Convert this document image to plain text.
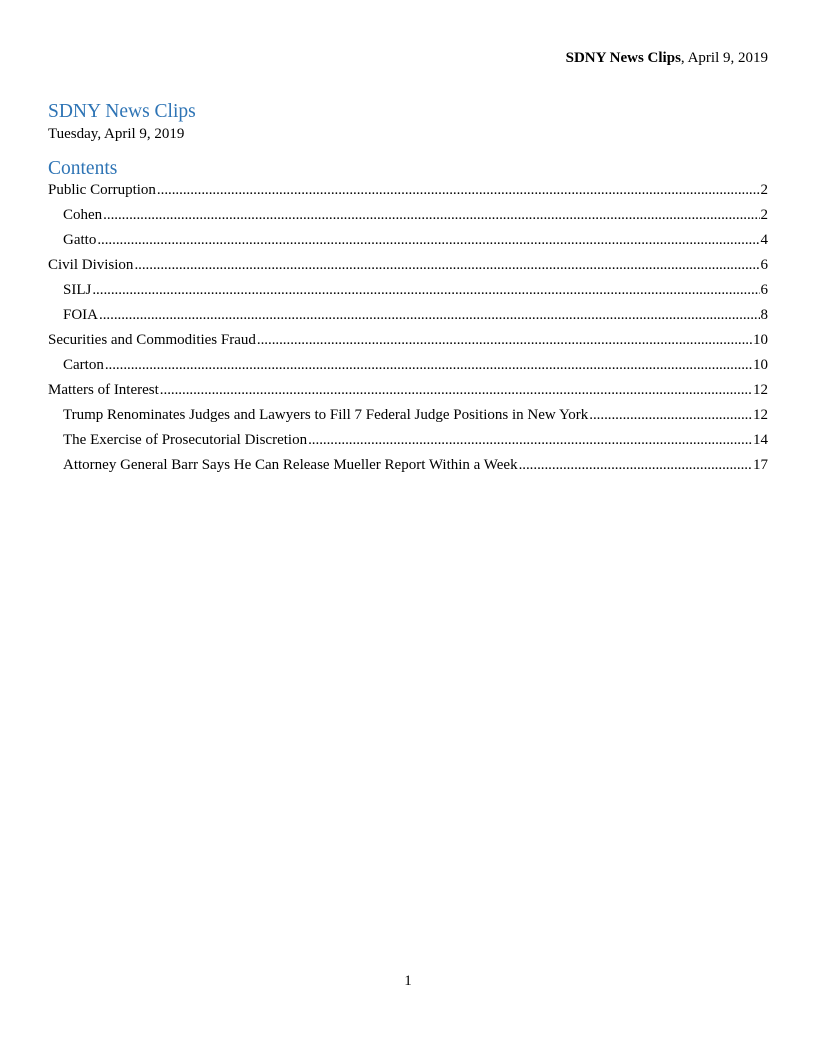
SDNY News Clips, April 9, 2019
SDNY News Clips
Tuesday, April 9, 2019
Contents
Public Corruption . . .	2
Cohen . . .	2
Gatto . . .	4
Civil Division . . .	6
SILJ . . .	6
FOIA . . .	8
Securities and Commodities Fraud . . .	10
Carton . . .	10
Matters of Interest . . .	12
Trump Renominates Judges and Lawyers to Fill 7 Federal Judge Positions in New York . . .	12
The Exercise of Prosecutorial Discretion . . .	14
Attorney General Barr Says He Can Release Mueller Report Within a Week . . .	17
1
